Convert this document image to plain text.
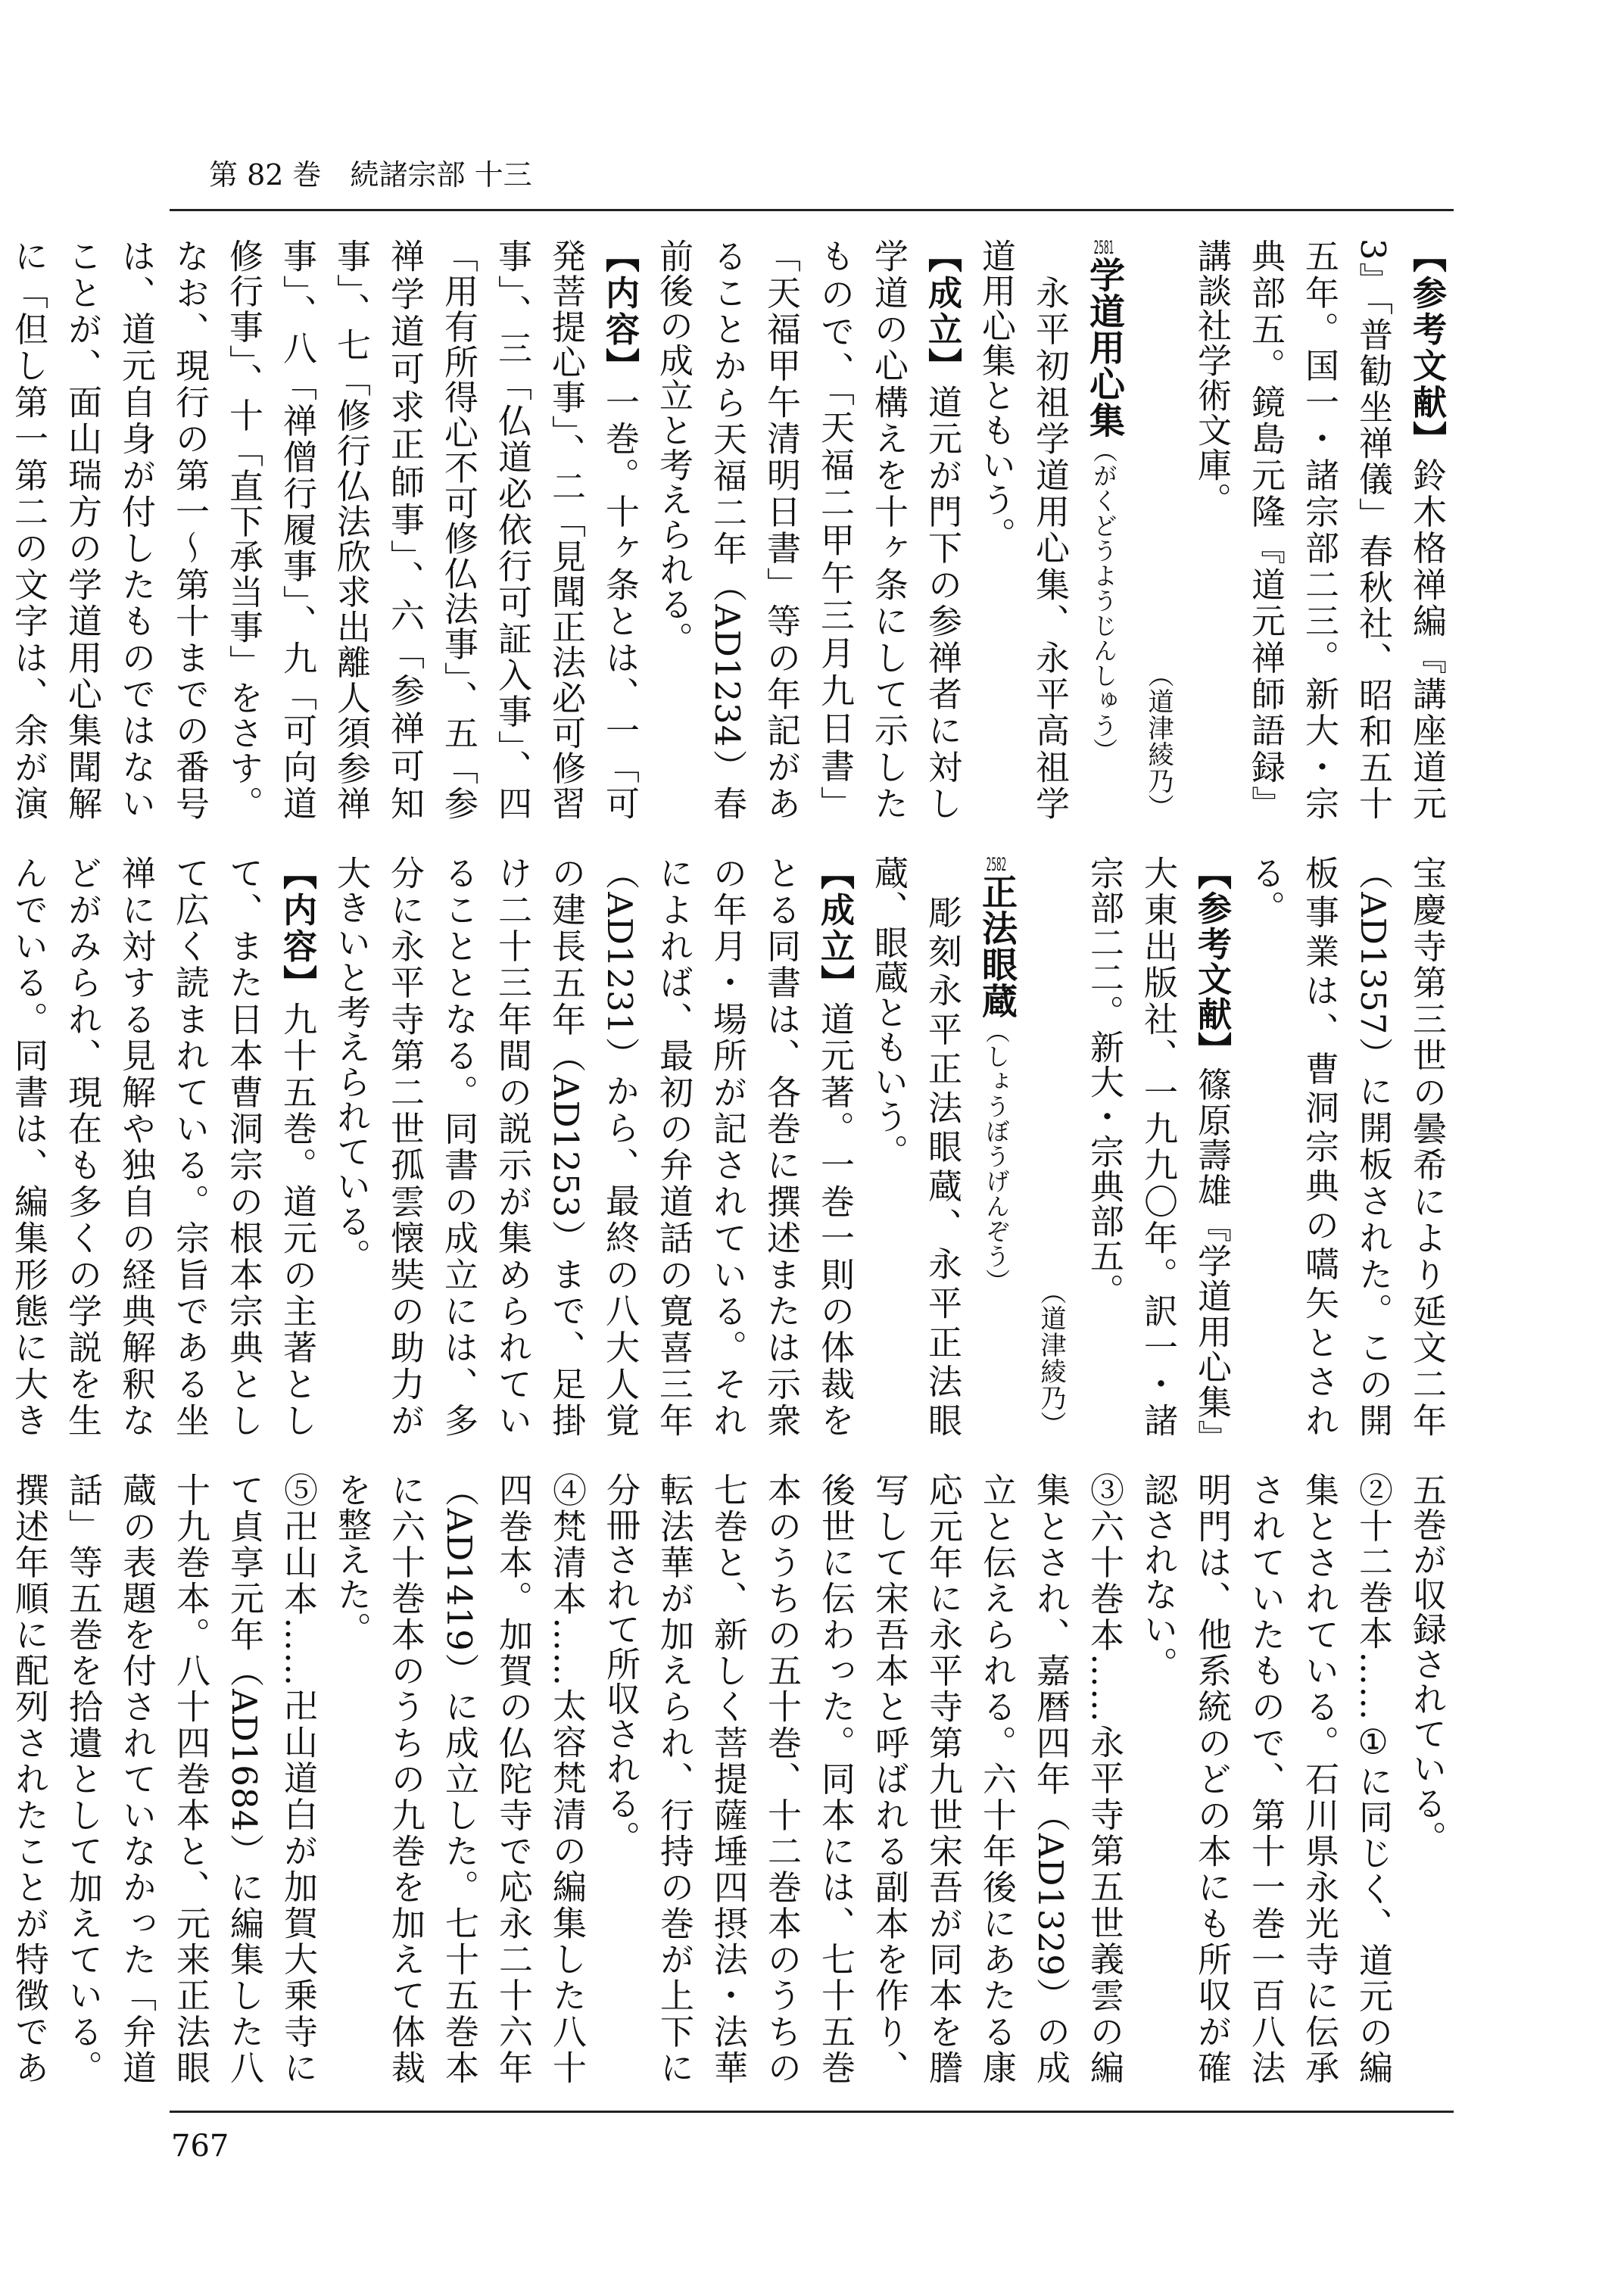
第 82 巻　続諸宗部 十三

【参考文献】鈴木格禅編『講座道元 3』「普勧坐禅儀」春秋社、昭和五十五年。国一・諸宗部二三。新大・宗典部五。鏡島元隆『道元禅師語録』講談社学術文庫。

（道津綾乃）

2581学道用心集（がくどうようじんしゅう）

　永平初祖学道用心集、永平高祖学道用心集ともいう。

【成立】道元が門下の参禅者に対し学道の心構えを十ヶ条にして示したもので、「天福二甲午三月九日書」「天福甲午清明日書」等の年記があることから天福二年（AD1234）春前後の成立と考えられる。

【内容】一巻。十ヶ条とは、一「可発菩提心事」、二「見聞正法必可修習事」、三「仏道必依行可証入事」、四「用有所得心不可修仏法事」、五「参禅学道可求正師事」、六「参禅可知事」、七「修行仏法欣求出離人須参禅事」、八「禅僧行履事」、九「可向道修行事」、十「直下承当事」をさす。なお、現行の第一～第十までの番号は、道元自身が付したものではないことが、面山瑞方の学道用心集聞解に「但し第一第二の文字は、余が演

宝慶寺第三世の曇希により延文二年（AD1357）に開板された。この開板事業は、曹洞宗典の嚆矢とされる。

【参考文献】篠原壽雄『学道用心集』大東出版社、一九九〇年。訳一・諸宗部二二。新大・宗典部五。

（道津綾乃）

2582正法眼蔵（しょうぼうげんぞう）

　彫刻永平正法眼蔵、永平正法眼蔵、眼蔵ともいう。

【成立】道元著。一巻一則の体裁をとる同書は、各巻に撰述または示衆の年月・場所が記されている。それによれば、最初の弁道話の寛喜三年（AD1231）から、最終の八大人覚の建長五年（AD1253）まで、足掛け二十三年間の説示が集められていることとなる。同書の成立には、多分に永平寺第二世孤雲懐奘の助力が大きいと考えられている。

【内容】九十五巻。道元の主著として、また日本曹洞宗の根本宗典として広く読まれている。宗旨である坐禅に対する見解や独自の経典解釈などがみられ、現在も多くの学説を生んでいる。同書は、編集形態に大き

五巻が収録されている。

②十二巻本……①に同じく、道元の編集とされている。石川県永光寺に伝承されていたもので、第十一巻一百八法明門は、他系統のどの本にも所収が確認されない。

③六十巻本……永平寺第五世義雲の編集とされ、嘉暦四年（AD1329）の成立と伝えられる。六十年後にあたる康応元年に永平寺第九世宋吾が同本を謄写して宋吾本と呼ばれる副本を作り、後世に伝わった。同本には、七十五巻本のうちの五十巻、十二巻本のうちの七巻と、新しく菩提薩埵四摂法・法華転法華が加えられ、行持の巻が上下に分冊されて所収される。

④梵清本……太容梵清の編集した八十四巻本。加賀の仏陀寺で応永二十六年（AD1419）に成立した。七十五巻本に六十巻本のうちの九巻を加えて体裁を整えた。

⑤卍山本……卍山道白が加賀大乗寺にて貞享元年（AD1684）に編集した八十九巻本。八十四巻本と、元来正法眼蔵の表題を付されていなかった「弁道話」等五巻を拾遺として加えている。撰述年順に配列されたことが特徴であ

767
